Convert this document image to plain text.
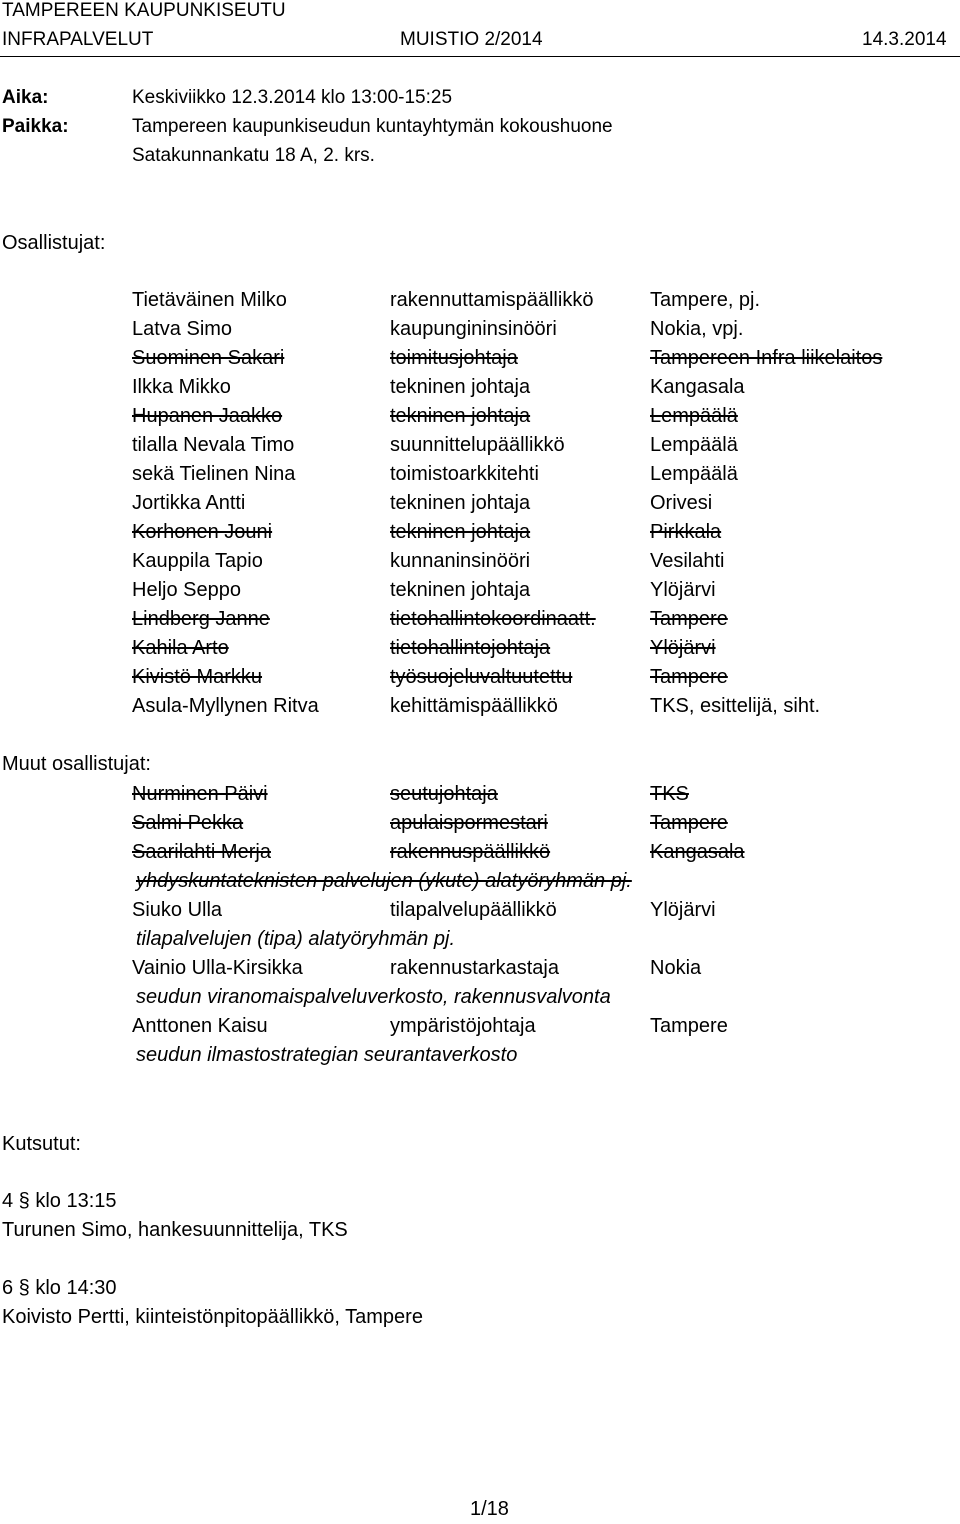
TAMPEREEN KAUPUNKISEUTU
INFRAPALVELUT	MUISTIO 2/2014	14.3.2014
Aika:	Keskiviikko 12.3.2014 klo 13:00-15:25
Paikka:	Tampereen kaupunkiseudun kuntayhtymän kokoushuone
Satakunnankatu 18 A, 2. krs.
Osallistujat:
Tietäväinen Milko	rakennuttamispäällikkö	Tampere, pj.
Latva Simo	kaupungininsinööri	Nokia, vpj.
Suominen Sakari	toimitusjohtaja	Tampereen Infra liikelaitos
Ilkka Mikko	tekninen johtaja	Kangasala
Hupanen Jaakko	tekninen johtaja	Lempäälä
tilalla Nevala Timo	suunnittelupäällikkö	Lempäälä
sekä Tielinen Nina	toimistoarkkitehti	Lempäälä
Jortikka Antti	tekninen johtaja	Orivesi
Korhonen Jouni	tekninen johtaja	Pirkkala
Kauppila Tapio	kunnaninsinööri	Vesilahti
Heljo Seppo	tekninen johtaja	Ylöjärvi
Lindberg Janne	tietohallintokoordinaatt.	Tampere
Kahila Arto	tietohallintojohtaja	Ylöjärvi
Kivistö Markku	työsuojeluvaltuutettu	Tampere
Asula-Myllynen Ritva	kehittämispäällikkö	TKS, esittelijä, siht.
Muut osallistujat:
Nurminen Päivi	seutujohtaja	TKS
Salmi Pekka	apulaispormestari	Tampere
Saarilahti Merja	rakennuspäällikkö	Kangasala
yhdyskuntateknisten palvelujen (ykute) alatyöryhmän pj.
Siuko Ulla	tilapalvelupäällikkö	Ylöjärvi
tilapalvelujen (tipa) alatyöryhmän pj.
Vainio Ulla-Kirsikka	rakennustarkastaja	Nokia
seudun viranomaispalveluverkosto, rakennusvalvonta
Anttonen Kaisu	ympäristöjohtaja	Tampere
seudun ilmastostrategian seurantaverkosto
Kutsutut:
4 § klo 13:15
Turunen Simo, hankesuunnittelija, TKS
6 § klo 14:30
Koivisto Pertti, kiinteistönpitopäällikkö, Tampere
1/18
